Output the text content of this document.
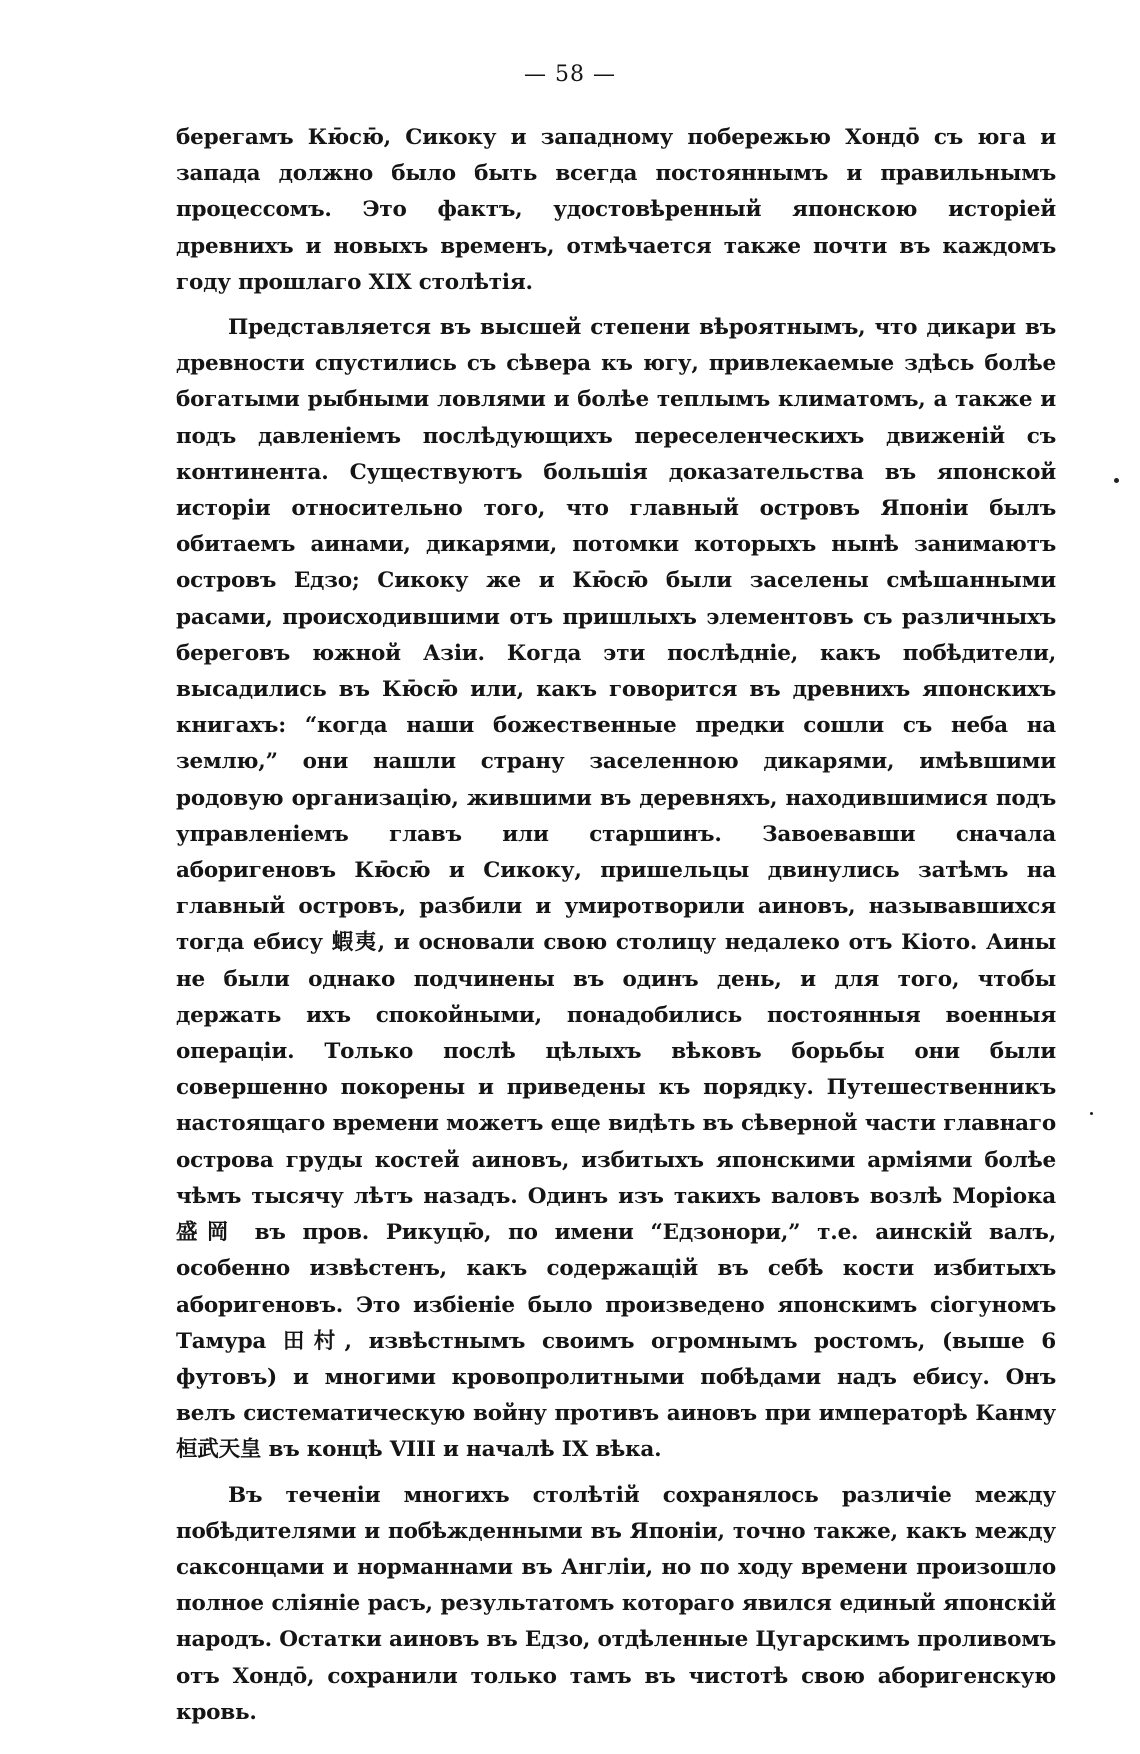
— 58 —

берегамъ Кю̄сю̄, Сикоку и западному побережью Хондо̄ съ юга и запада должно было быть всегда постояннымъ и правильнымъ процессомъ. Это фактъ, удостовѣренный японскою исторіей древнихъ и новыхъ временъ, отмѣчается также почти въ каждомъ году прошлаго XIX столѣтія.

Представляется въ высшей степени вѣроятнымъ, что дикари въ древности спустились съ сѣвера къ югу, привлекаемые здѣсь болѣе богатыми рыбными ловлями и болѣе теплымъ климатомъ, а также и подъ давленіемъ послѣдующихъ переселенческихъ движеній съ континента. Существуютъ большія доказательства въ японской исторіи относительно того, что главный островъ Японіи былъ обитаемъ аинами, дикарями, потомки которыхъ нынѣ занимаютъ островъ Едзо; Сикоку же и Кю̄сю̄ были заселены смѣшанными расами, происходившими отъ пришлыхъ элементовъ съ различныхъ береговъ южной Азіи. Когда эти послѣдніе, какъ побѣдители, высадились въ Кю̄сю̄ или, какъ говорится въ древнихъ японскихъ книгахъ: “когда наши божественные предки сошли съ неба на землю,” они нашли страну заселенною дикарями, имѣвшими родовую организацію, жившими въ деревняхъ, находившимися подъ управленіемъ главъ или старшинъ. Завоевавши сначала аборигеновъ Кю̄сю̄ и Сикоку, пришельцы двинулись затѣмъ на главный островъ, разбили и умиротворили аиновъ, называвшихся тогда ебису 蝦夷, и основали свою столицу недалеко отъ Кіото. Аины не были однако подчинены въ одинъ день, и для того, чтобы держать ихъ спокойными, понадобились постоянныя военныя операціи. Только послѣ цѣлыхъ вѣковъ борьбы они были совершенно покорены и приведены къ порядку. Путешественникъ настоящаго времени можетъ еще видѣть въ сѣверной части главнаго острова груды костей аиновъ, избитыхъ японскими арміями болѣе чѣмъ тысячу лѣтъ назадъ. Одинъ изъ такихъ валовъ возлѣ Моріока 盛岡 въ пров. Рикуцю̄, по имени “Едзонори,” т.е. аинскій валъ, особенно извѣстенъ, какъ содержащій въ себѣ кости избитыхъ аборигеновъ. Это избіеніе было произведено японскимъ сіогуномъ Тамура 田村, извѣстнымъ своимъ огромнымъ ростомъ, (выше 6 футовъ) и многими кровопролитными побѣдами надъ ебису. Онъ велъ систематическую войну противъ аиновъ при императорѣ Канму 桓武天皇 въ концѣ VIII и началѣ IX вѣка.

Въ теченіи многихъ столѣтій сохранялось различіе между побѣдителями и побѣжденными въ Японіи, точно также, какъ между саксонцами и норманнами въ Англіи, но по ходу времени произошло полное сліяніе расъ, результатомъ котораго явился единый японскій народъ. Остатки аиновъ въ Едзо, отдѣленные Цугарскимъ проливомъ отъ Хондо̄, сохранили только тамъ въ чистотѣ свою аборигенскую кровь.
